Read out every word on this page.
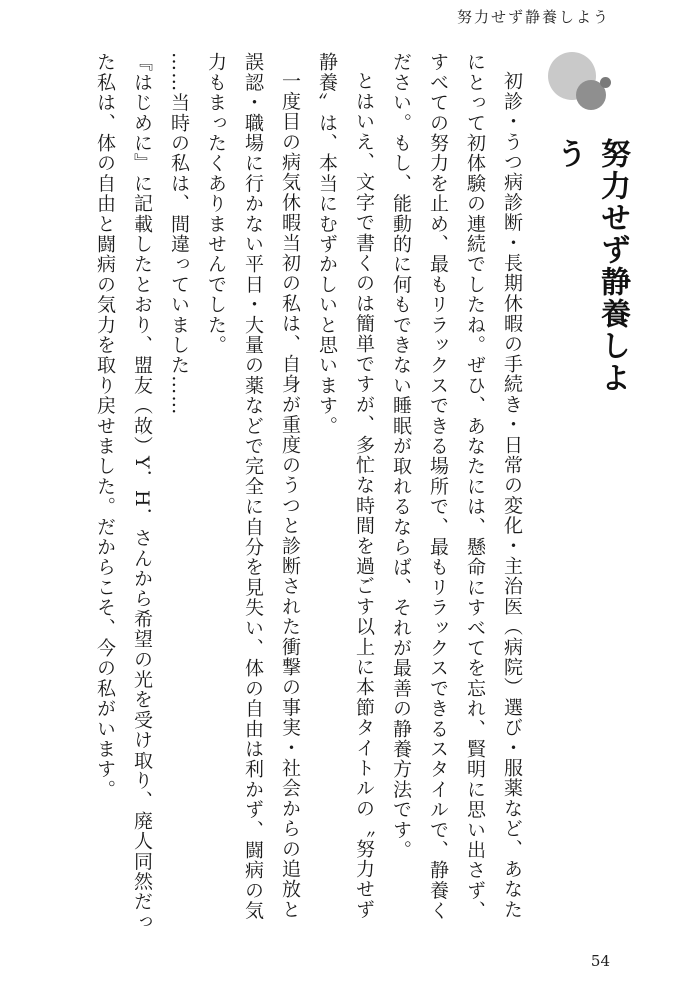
努力せず静養しよう
努力せず静養しよう

初診・うつ病診断・長期休暇の手続き・日常の変化・主治医（病院）選び・服薬など、あなたにとって初体験の連続でしたね。ぜひ、あなたには、懸命にすべてを忘れ、賢明に思い出さず、すべての努力を止め、最もリラックスできる場所で、最もリラックスできるスタイルで、静養ください。もし、能動的に何もできない睡眠が取れるならば、それが最善の静養方法です。

とはいえ、文字で書くのは簡単ですが、多忙な時間を過ごす以上に本節タイトルの〝努力せず静養〟は、本当にむずかしいと思います。

一度目の病気休暇当初の私は、自身が重度のうつと診断された衝撃の事実・社会からの追放と誤認・職場に行かない平日・大量の薬などで完全に自分を見失い、体の自由は利かず、闘病の気力もまったくありませんでした。

……当時の私は、間違っていました……

『はじめに』に記載したとおり、盟友（故）Y．H．さんから希望の光を受け取り、廃人同然だった私は、体の自由と闘病の気力を取り戻せました。だからこそ、今の私がいます。

54
